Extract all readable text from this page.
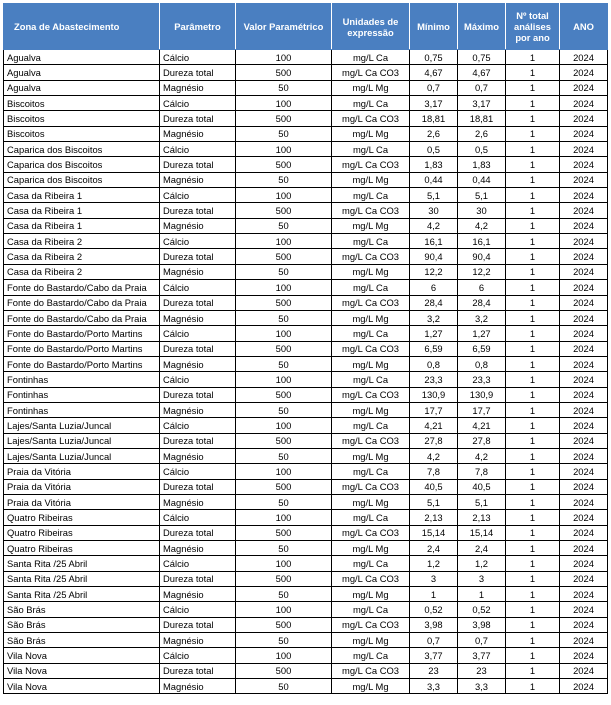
Zona de Abastecimento	Parâmetro	Valor Paramétrico	Unidades de expressão	Mínimo	Máximo	Nº total análises por ano	ANO
Agualva	Cálcio	100	mg/L Ca	0,75	0,75	1	2024
Agualva	Dureza total	500	mg/L Ca CO3	4,67	4,67	1	2024
Agualva	Magnésio	50	mg/L Mg	0,7	0,7	1	2024
Biscoitos	Cálcio	100	mg/L Ca	3,17	3,17	1	2024
Biscoitos	Dureza total	500	mg/L Ca CO3	18,81	18,81	1	2024
Biscoitos	Magnésio	50	mg/L Mg	2,6	2,6	1	2024
Caparica dos Biscoitos	Cálcio	100	mg/L Ca	0,5	0,5	1	2024
Caparica dos Biscoitos	Dureza total	500	mg/L Ca CO3	1,83	1,83	1	2024
Caparica dos Biscoitos	Magnésio	50	mg/L Mg	0,44	0,44	1	2024
Casa da Ribeira 1	Cálcio	100	mg/L Ca	5,1	5,1	1	2024
Casa da Ribeira 1	Dureza total	500	mg/L Ca CO3	30	30	1	2024
Casa da Ribeira 1	Magnésio	50	mg/L Mg	4,2	4,2	1	2024
Casa da Ribeira 2	Cálcio	100	mg/L Ca	16,1	16,1	1	2024
Casa da Ribeira 2	Dureza total	500	mg/L Ca CO3	90,4	90,4	1	2024
Casa da Ribeira 2	Magnésio	50	mg/L Mg	12,2	12,2	1	2024
Fonte do Bastardo/Cabo da Praia	Cálcio	100	mg/L Ca	6	6	1	2024
Fonte do Bastardo/Cabo da Praia	Dureza total	500	mg/L Ca CO3	28,4	28,4	1	2024
Fonte do Bastardo/Cabo da Praia	Magnésio	50	mg/L Mg	3,2	3,2	1	2024
Fonte do Bastardo/Porto Martins	Cálcio	100	mg/L Ca	1,27	1,27	1	2024
Fonte do Bastardo/Porto Martins	Dureza total	500	mg/L Ca CO3	6,59	6,59	1	2024
Fonte do Bastardo/Porto Martins	Magnésio	50	mg/L Mg	0,8	0,8	1	2024
Fontinhas	Cálcio	100	mg/L Ca	23,3	23,3	1	2024
Fontinhas	Dureza total	500	mg/L Ca CO3	130,9	130,9	1	2024
Fontinhas	Magnésio	50	mg/L Mg	17,7	17,7	1	2024
Lajes/Santa Luzia/Juncal	Cálcio	100	mg/L Ca	4,21	4,21	1	2024
Lajes/Santa Luzia/Juncal	Dureza total	500	mg/L Ca CO3	27,8	27,8	1	2024
Lajes/Santa Luzia/Juncal	Magnésio	50	mg/L Mg	4,2	4,2	1	2024
Praia da Vitória	Cálcio	100	mg/L Ca	7,8	7,8	1	2024
Praia da Vitória	Dureza total	500	mg/L Ca CO3	40,5	40,5	1	2024
Praia da Vitória	Magnésio	50	mg/L Mg	5,1	5,1	1	2024
Quatro Ribeiras	Cálcio	100	mg/L Ca	2,13	2,13	1	2024
Quatro Ribeiras	Dureza total	500	mg/L Ca CO3	15,14	15,14	1	2024
Quatro Ribeiras	Magnésio	50	mg/L Mg	2,4	2,4	1	2024
Santa Rita /25 Abril	Cálcio	100	mg/L Ca	1,2	1,2	1	2024
Santa Rita /25 Abril	Dureza total	500	mg/L Ca CO3	3	3	1	2024
Santa Rita /25 Abril	Magnésio	50	mg/L Mg	1	1	1	2024
São Brás	Cálcio	100	mg/L Ca	0,52	0,52	1	2024
São Brás	Dureza total	500	mg/L Ca CO3	3,98	3,98	1	2024
São Brás	Magnésio	50	mg/L Mg	0,7	0,7	1	2024
Vila Nova	Cálcio	100	mg/L Ca	3,77	3,77	1	2024
Vila Nova	Dureza total	500	mg/L Ca CO3	23	23	1	2024
Vila Nova	Magnésio	50	mg/L Mg	3,3	3,3	1	2024
